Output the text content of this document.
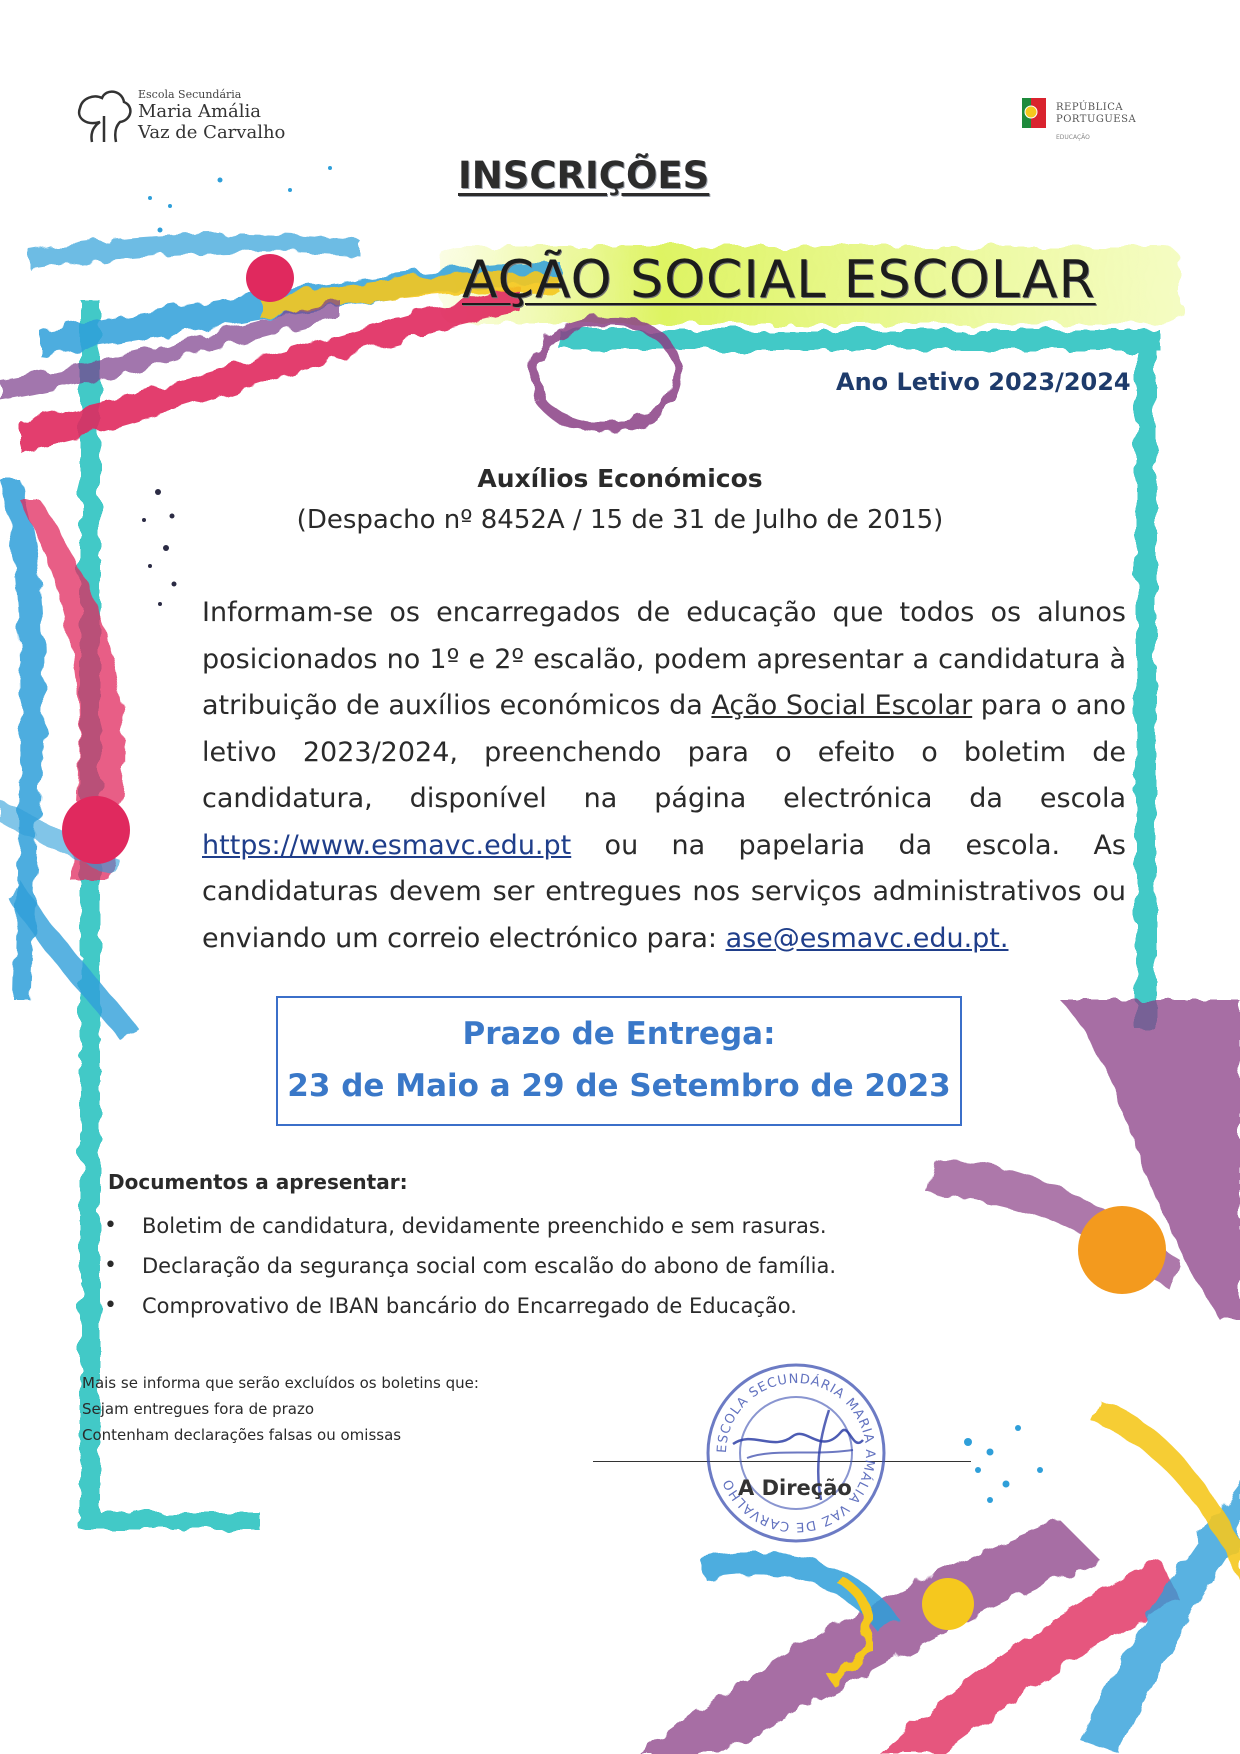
Escola Secundária
Maria Amália
Vaz de Carvalho
REPÚBLICA
PORTUGUESA
EDUCAÇÃO
INSCRIÇÕES
AÇÃO SOCIAL ESCOLAR
Ano Letivo 2023/2024
Auxílios Económicos
(Despacho nº 8452A / 15 de 31 de Julho de 2015)
Informam-se os encarregados de educação que todos os alunos posicionados no 1º e 2º escalão, podem apresentar a candidatura à atribuição de auxílios económicos da Ação Social Escolar para o ano letivo 2023/2024, preenchendo para o efeito o boletim de candidatura, disponível na página electrónica da escola https://www.esmavc.edu.pt ou na papelaria da escola. As candidaturas devem ser entregues nos serviços administrativos ou enviando um correio electrónico para: ase@esmavc.edu.pt.
Prazo de Entrega:
23 de Maio a 29 de Setembro de 2023
Documentos a apresentar:
• Boletim de candidatura, devidamente preenchido e sem rasuras.
• Declaração da segurança social com escalão do abono de família.
• Comprovativo de IBAN bancário do Encarregado de Educação.
Mais se informa que serão excluídos os boletins que:
Sejam entregues fora de prazo
Contenham declarações falsas ou omissas
ESCOLA SECUNDÁRIA MARIA AMÁLIA VAZ DE CARVALHO A Direção
